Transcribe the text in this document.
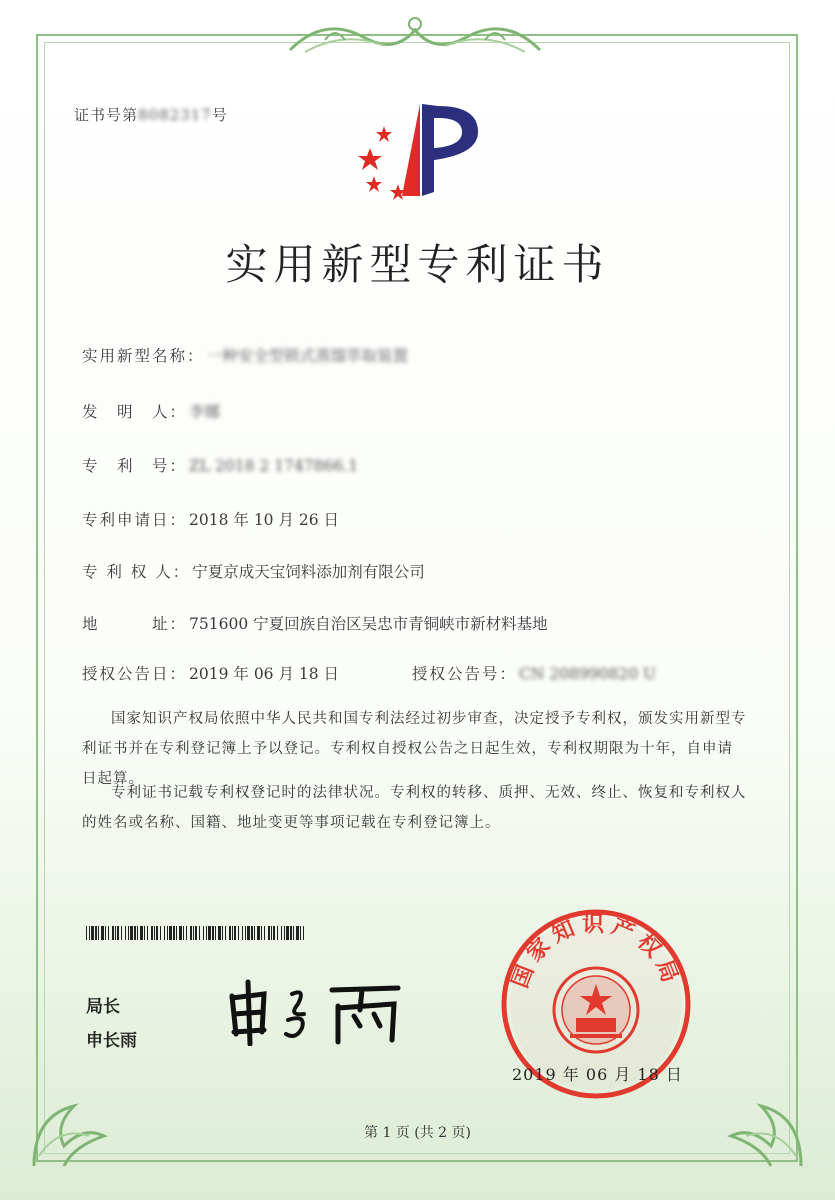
证书号第8082317号
实用新型专利证书
实用新型名称： 一种安全型锁式蒸馏萃取装置
发　明　人： 李娜
专　利　号： ZL 2018 2 1747866.1
专利申请日： 2018 年 10 月 26 日
专 利 权 人： 宁夏京成天宝饲料添加剂有限公司
地　　　址： 751600 宁夏回族自治区吴忠市青铜峡市新材料基地
授权公告日： 2019 年 06 月 18 日	授权公告号： CN 208990820 U
国家知识产权局依照中华人民共和国专利法经过初步审查，决定授予专利权，颁发实用新型专利证书并在专利登记簿上予以登记。专利权自授权公告之日起生效，专利权期限为十年，自申请日起算。
专利证书记载专利权登记时的法律状况。专利权的转移、质押、无效、终止、恢复和专利权人的姓名或名称、国籍、地址变更等事项记载在专利登记簿上。
局长
申长雨
国家知识产权局
2019 年 06 月 18 日
第 1 页 (共 2 页)
